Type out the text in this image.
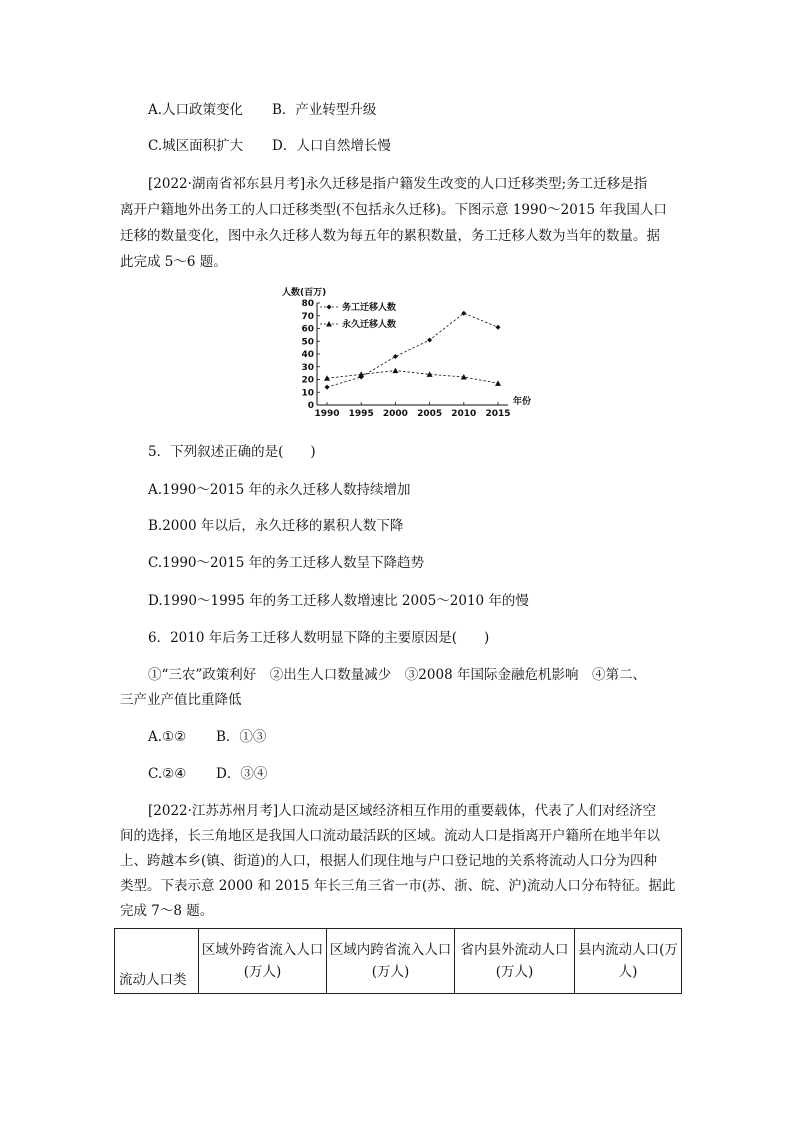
A.人口政策变化 B．产业转型升级
C.城区面积扩大 D．人口自然增长慢
[2022·湖南省祁东县月考]永久迁移是指户籍发生改变的人口迁移类型;务工迁移是指
离开户籍地外出务工的人口迁移类型(不包括永久迁移)。下图示意 1990～2015 年我国人口
迁移的数量变化，图中永久迁移人数为每五年的累积数量，务工迁移人数为当年的数量。据
此完成 5～6 题。
人数(百万)
年份
0
10
20
30
40
50
60
70
80
1990 1995 2000 2005 2010 2015
务工迁移人数
永久迁移人数
5．下列叙述正确的是(　　)
A.1990～2015 年的永久迁移人数持续增加
B.2000 年以后，永久迁移的累积人数下降
C.1990～2015 年的务工迁移人数呈下降趋势
D.1990～1995 年的务工迁移人数增速比 2005～2010 年的慢
6．2010 年后务工迁移人数明显下降的主要原因是(　　)
①“三农”政策利好　②出生人口数量减少　③2008 年国际金融危机影响　④第二、
三产业产值比重降低
A.①② B．①③
C.②④ D．③④
[2022·江苏苏州月考]人口流动是区域经济相互作用的重要载体，代表了人们对经济空
间的选择，长三角地区是我国人口流动最活跃的区域。流动人口是指离开户籍所在地半年以
上、跨越本乡(镇、街道)的人口，根据人们现住地与户口登记地的关系将流动人口分为四种
类型。下表示意 2000 和 2015 年长三角三省一市(苏、浙、皖、沪)流动人口分布特征。据此
完成 7～8 题。
流动人口类	区域外跨省流入人口(万人)	区域内跨省流入人口(万人)	省内县外流动人口(万人)	县内流动人口(万人)
